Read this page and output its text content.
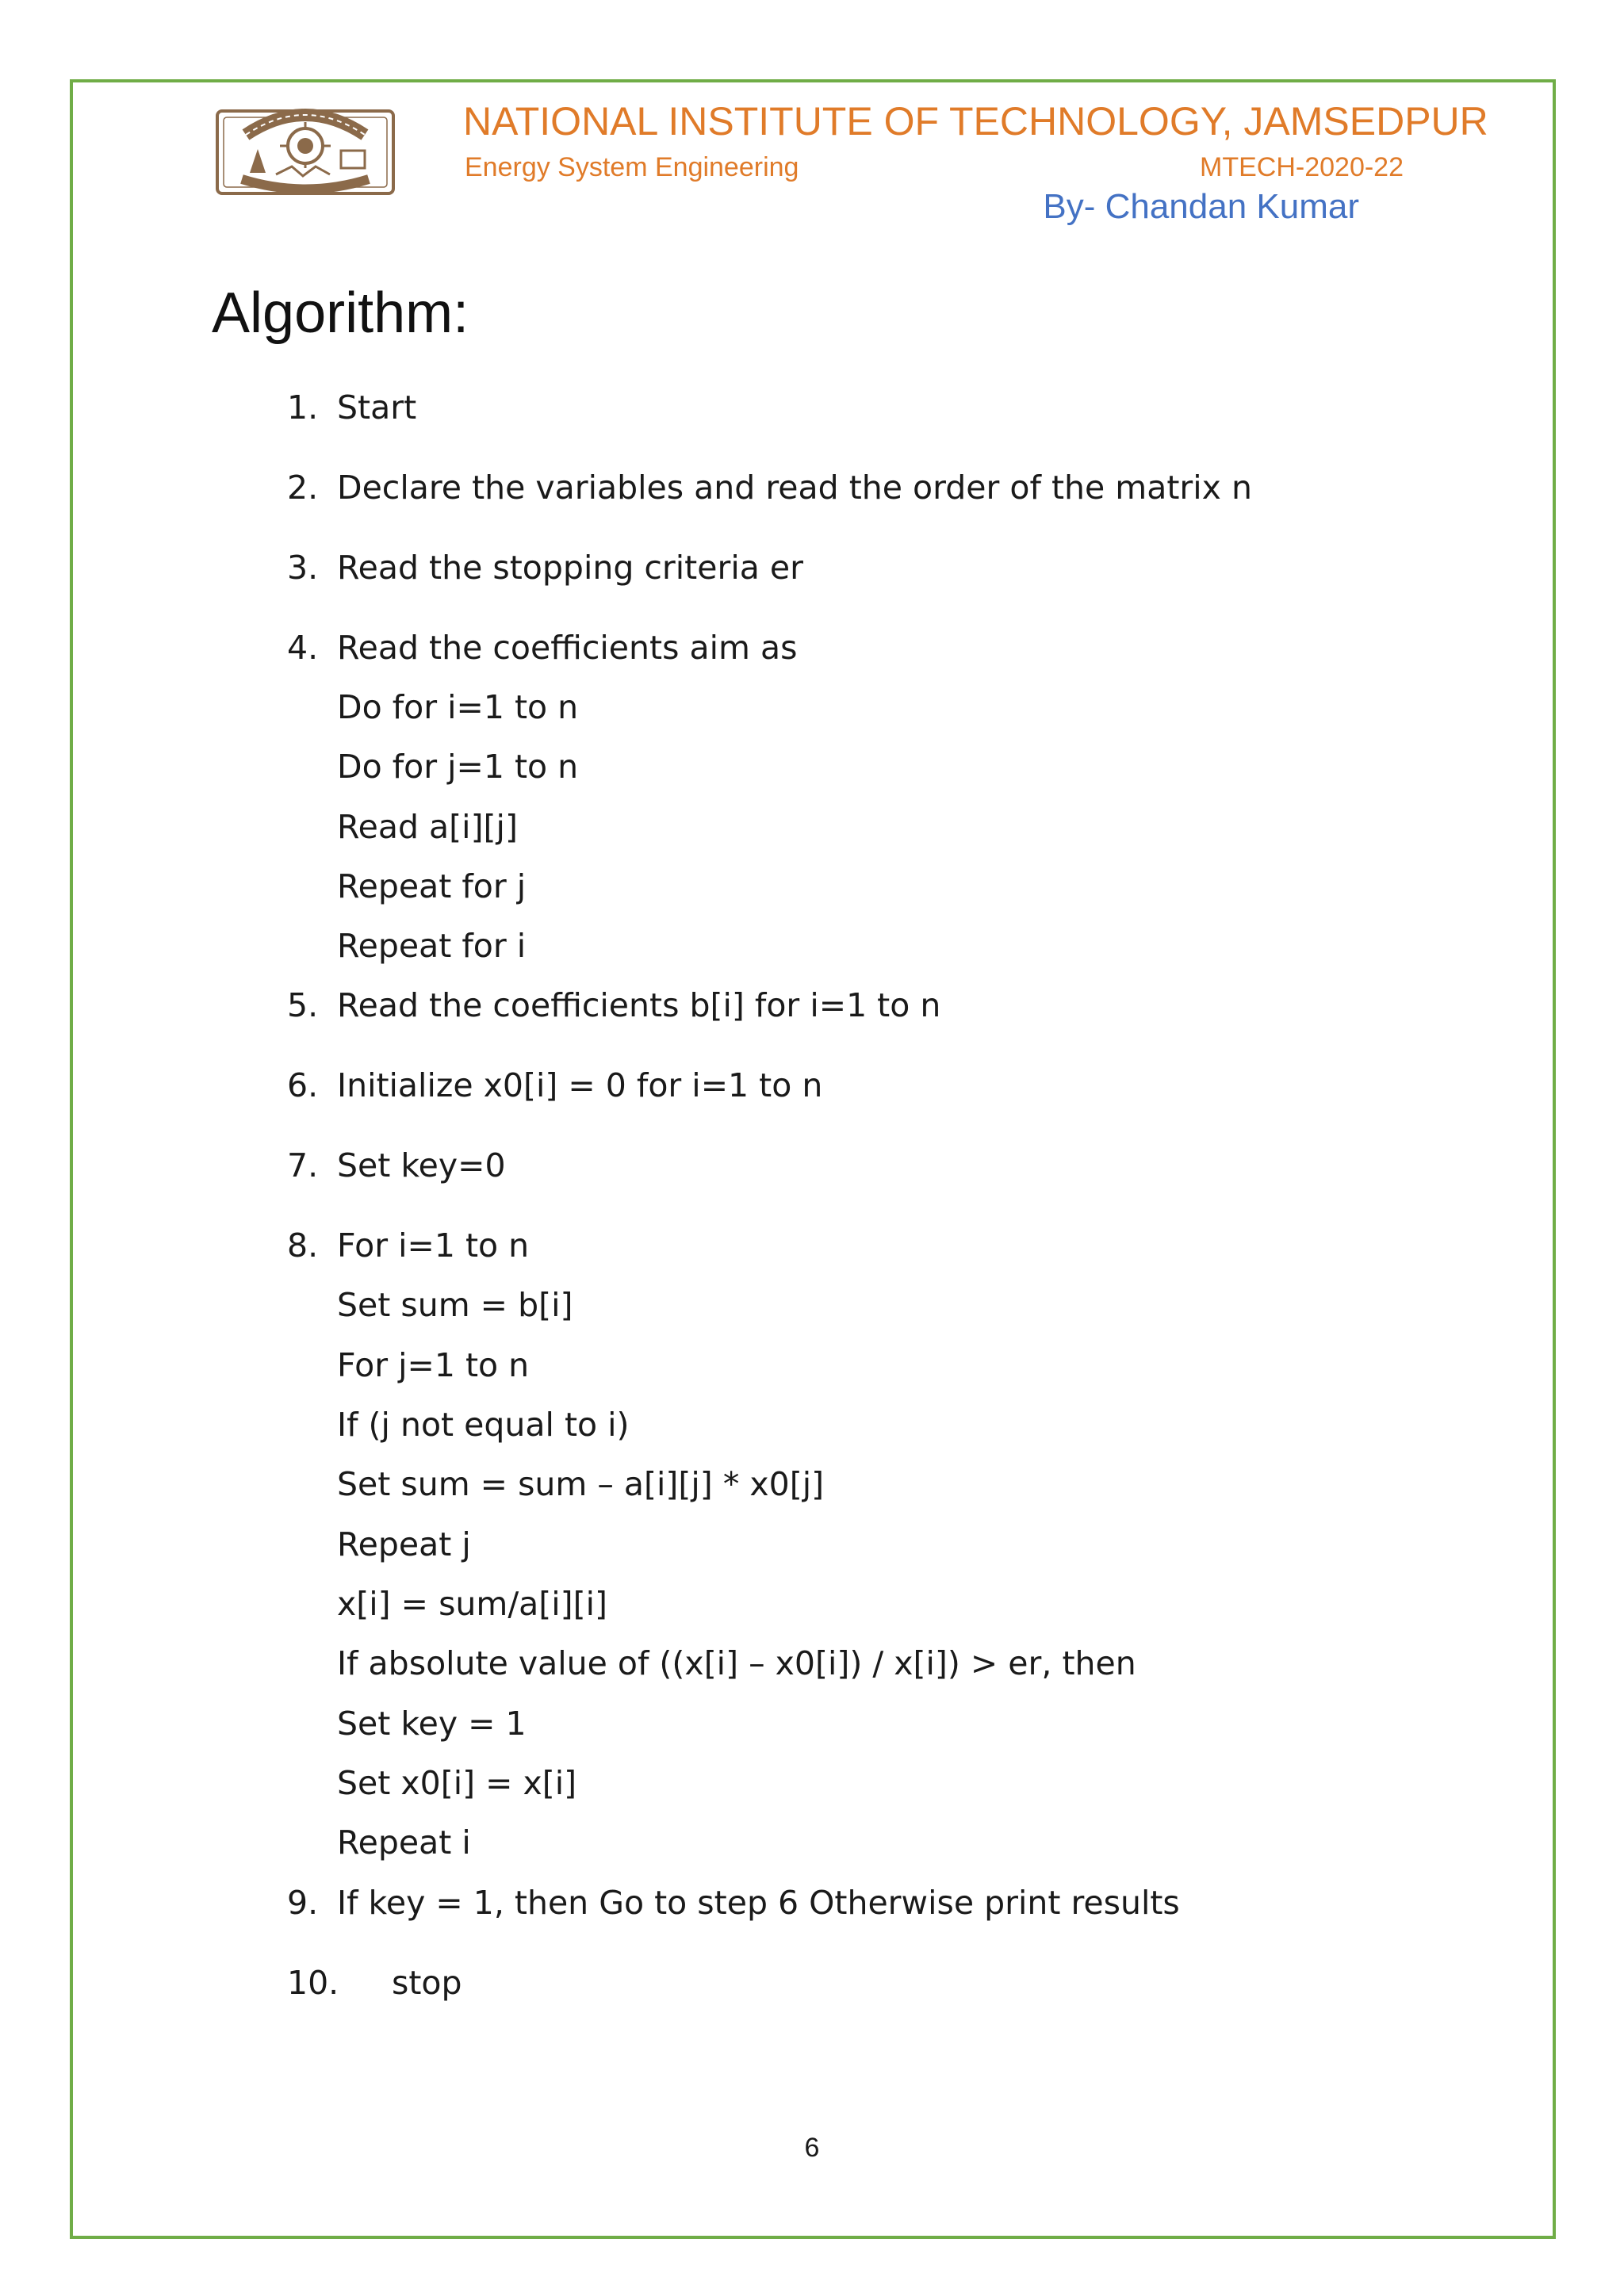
NATIONAL INSTITUTE OF TECHNOLOGY, JAMSEDPUR
Energy System Engineering	MTECH-2020-22
By- Chandan Kumar
Algorithm:
1. Start
2. Declare the variables and read the order of the matrix n
3. Read the stopping criteria er
4. Read the coefficients aim as
Do for i=1 to n
Do for j=1 to n
Read a[i][j]
Repeat for j
Repeat for i
5. Read the coefficients b[i] for i=1 to n
6. Initialize x0[i] = 0 for i=1 to n
7. Set key=0
8. For i=1 to n
Set sum = b[i]
For j=1 to n
If (j not equal to i)
Set sum = sum – a[i][j] * x0[j]
Repeat j
x[i] = sum/a[i][i]
If absolute value of ((x[i] – x0[i]) / x[i]) > er, then
Set key = 1
Set x0[i] = x[i]
Repeat i
9. If key = 1, then Go to step 6 Otherwise print results
10. stop
6
